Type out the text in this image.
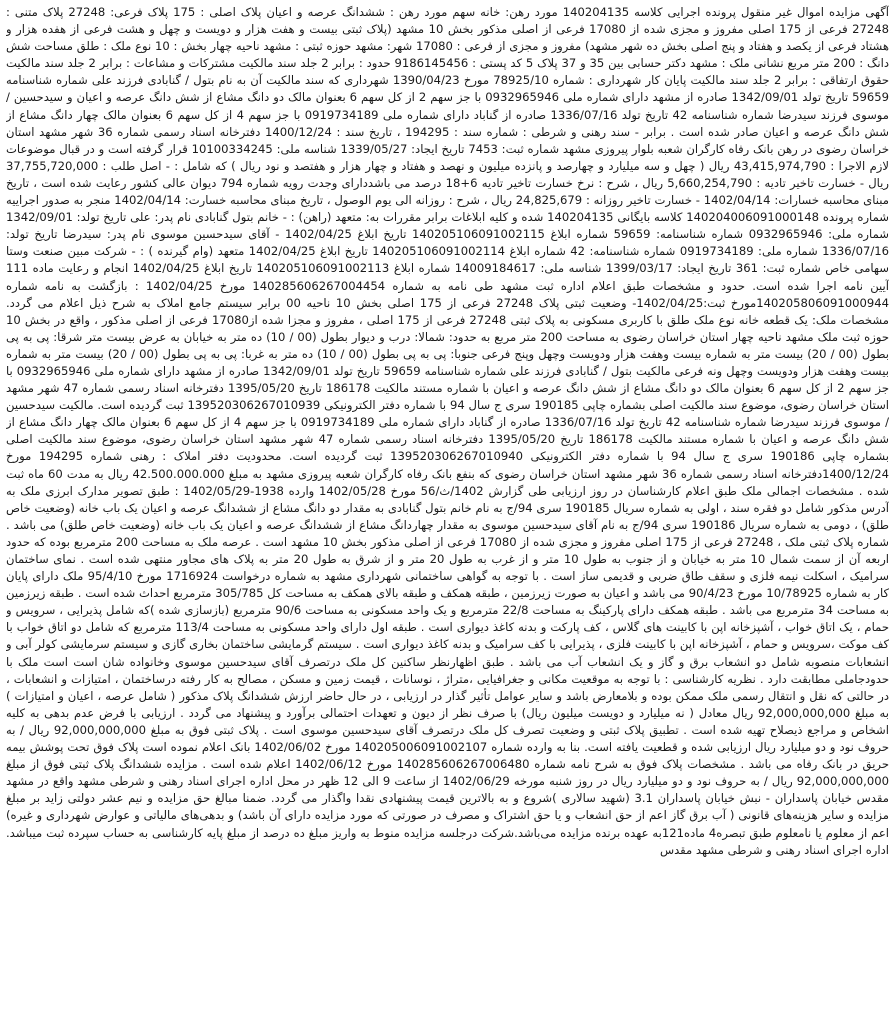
آگهی مزایده اموال غیر منقول پرونده اجرایی کلاسه 140204135 مورد رهن: خانه سهم مورد رهن : ششدانگ عرصه و اعیان پلاک اصلی : 175 پلاک فرعی: 27248 پلاک متنی : 27248 فرعی از 175 اصلی مفروز و مجزی شده از 17080 فرعی از اصلی مذکور بخش 10 مشهد (پلاک ثبتی بیست و هفت هزار و دویست و چهل و هشت فرعی از هفده هزار و هشتاد فرعی از یکصد و هفتاد و پنج اصلی بخش ده شهر مشهد) مفروز و مجزی از فرعی : 17080 شهر: مشهد حوزه ثبتی : مشهد ناحیه چهار بخش : 10 نوع ملک : طلق مساحت شش دانگ : 200 متر مربع نشانی ملک : مشهد دکتر حسابی بین 35 و 37 پلاک 5 کد پستی : 9186145456 حدود : برابر 2 جلد سند مالکیت مشترکات و مشاعات : برابر 2 جلد سند مالکیت حقوق ارتفاقی : برابر 2 جلد سند مالکیت پایان کار شهرداری : شماره 78925/10 مورخ 1390/04/23 شهرداری که سند مالکیت آن به نام بتول / گنابادی فرزند علی شماره شناسنامه 59659 تاریخ تولد 1342/09/01 صادره از مشهد دارای شماره ملی 0932965946 با جز سهم 2 از کل سهم 6 بعنوان مالک دو دانگ مشاع از شش دانگ عرصه و اعیان و سیدحسین / موسوی فرزند سیدرضا شماره شناسنامه 42 تاریخ تولد 1336/07/16 صادره از گناباد دارای شماره ملی 0919734189 با جز سهم 4 از کل سهم 6 بعنوان مالک چهار دانگ مشاع از شش دانگ عرصه و اعیان صادر شده است . برابر - سند رهنی و شرطی : شماره سند : 194295 ، تاریخ سند : 1400/12/24 دفترخانه اسناد رسمی شماره 36 شهر مشهد استان خراسان رضوی در رهن بانک رفاه کارگران شعبه بلوار پیروزی مشهد شماره ثبت: 7453 تاریخ ایجاد: 1339/05/27 شناسه ملی: 10100334245 قرار گرفته است و در قبال موضوعات لازم الاجرا : 43,415,974,790 ریال ( چهل و سه میلیارد و چهارصد و پانزده میلیون و نهصد و هفتاد و چهار هزار و هفتصد و نود ریال ) که شامل : - اصل طلب : 37,755,720,000 ریال - خسارت تاخیر تادیه : 5,660,254,790 ریال ، شرح : نرخ خسارت تاخیر تادیه 6+18 درصد می باشددارای وجدت رویه شماره 794 دیوان عالی کشور رعایت شده است ، تاریخ مبنای محاسبه خسارات: 1402/04/14 - خسارت تاخیر روزانه : 24,825,679 ریال ، شرح : روزانه الی یوم الوصول ، تاریخ مبنای محاسبه خسارت: 1402/04/14 منجر به صدور اجراییه شماره پرونده 140204006091000148 کلاسه بایگانی 140204135 شده و کلیه ابلاغات برابر مقررات به: متعهد (راهن) : - خانم بتول گنابادی نام پدر: علی تاریخ تولد: 1342/09/01 شماره ملی: 0932965946 شماره شناسنامه: 59659 شماره ابلاغ 140205106091002115 تاریخ ابلاغ 1402/04/25 - آقای سیدحسین موسوی نام پدر: سیدرضا تاریخ تولد: 1336/07/16 شماره ملی: 0919734189 شماره شناسنامه: 42 شماره ابلاغ 140205106091002114 تاریخ ابلاغ 1402/04/25 متعهد (وام گیرنده ) : - شرکت مبین صنعت وستا سهامی خاص شماره ثبت: 361 تاریخ ایجاد: 1399/03/17 شناسه ملی: 14009184617 شماره ابلاغ 140205106091002113 تاریخ ابلاغ 1402/04/25 انجام و رعایت ماده 111 آیین نامه اجرا شده است. حدود و مشخصات طبق اعلام اداره ثبت مشهد طی نامه به شماره 140285606267004454 مورخ 1402/04/25 : بازگشت به نامه شماره 140205806091000944مورخ ثبت:1402/04/25- وضعیت ثبتی پلاک 27248 فرعی از 175 اصلی بخش 10 ناحیه 00 برابر سیستم جامع املاک به شرح ذیل اعلام می گردد. مشخصات ملک: یک قطعه خانه نوع ملک طلق با کاربری مسکونی به پلاک ثبتی 27248 فرعی از 175 اصلی ، مفروز و مجزا شده از17080 فرعی از اصلی مذکور ، واقع در بخش 10 حوزه ثبت ملک مشهد ناحیه چهار استان خراسان رضوی به مساحت 200 متر مربع به حدود: شمالا: درب و دیوار بطول (00 / 10) ده متر به خیابان به عرض بیست متر شرقا: پی به پی بطول (00 / 20) بیست متر به شماره بیست وهفت هزار ودویست وچهل وپنج فرعی جنوبا: پی به پی بطول (00 / 10) ده متر به غربا: پی به پی بطول (00 / 20) بیست متر به شماره بیست وهفت هزار ودویست وچهل ونه فرعی مالکیت بتول / گنابادی فرزند علی شماره شناسنامه 59659 تاریخ تولد 1342/09/01 صادره از مشهد دارای شماره ملی 0932965946 با جز سهم 2 از کل سهم 6 بعنوان مالک دو دانگ مشاع از شش دانگ عرصه و اعیان با شماره مستند مالکیت 186178 تاریخ 1395/05/20 دفترخانه اسناد رسمی شماره 47 شهر مشهد استان خراسان رضوی، موضوع سند مالکیت اصلی بشماره چاپی 190185 سری ج سال 94 با شماره دفتر الکترونیکی 139520306267010939 ثبت گردیده است. مالکیت سیدحسین / موسوی فرزند سیدرضا شماره شناسنامه 42 تاریخ تولد 1336/07/16 صادره از گناباد دارای شماره ملی 0919734189 با جز سهم 4 از کل سهم 6 بعنوان مالک چهار دانگ مشاع از شش دانگ عرصه و اعیان با شماره مستند مالکیت 186178 تاریخ 1395/05/20 دفترخانه اسناد رسمی شماره 47 شهر مشهد استان خراسان رضوی، موضوع سند مالکیت اصلی بشماره چاپی 190186 سری ج سال 94 با شماره دفتر الکترونیکی 139520306267010940 ثبت گردیده است. محدودیت دفتر املاک : رهنی شماره 194295 مورخ 1400/12/24دفترخانه اسناد رسمی شماره 36 شهر مشهد استان خراسان رضوی که بنفع بانک رفاه کارگران شعبه پیروزی مشهد به مبلغ 42.500.000.000 ریال به مدت 60 ماه ثبت شده . مشخصات اجمالی ملک طبق اعلام کارشناسان در روز ارزیابی طی گزارش 1402/ث/56 مورخ 1402/05/28 وارده 1938-1402/05/29 : طبق تصویر مدارک ابرزی ملک به آدرس مذکور شامل دو فقره سند ، اولی به شماره سریال 190185 سری 94/ج به نام خانم بتول گنابادی به مقدار دو دانگ مشاع از ششدانگ عرصه و اعیان یک باب خانه (وضعیت خاص طلق) ، دومی به شماره سریال 190186 سری 94/ج به نام آقای سیدحسین موسوی به مقدار چهاردانگ مشاع از ششدانگ عرصه و اعیان یک باب خانه (وضعیت خاص طلق) می باشد . شماره پلاک ثبتی ملک ، 27248 فرعی از 175 اصلی مفروز و مجزی شده از 17080 فرعی از اصلی مذکور بخش 10 مشهد است . عرصه ملک به مساحت 200 مترمربع بوده که حدود اربعه آن از سمت شمال 10 متر به خیابان و از جنوب به طول 10 متر و از غرب به طول 20 متر و از شرق به طول 20 متر به پلاک های مجاور منتهی شده است . نمای ساختمان سرامیک ، اسکلت نیمه فلزی و سقف طاق ضربی و قدیمی ساز است . با توجه به گواهی ساختمانی شهرداری مشهد به شماره درخواست 1716924 مورخ 95/4/10 ملک دارای پایان کار به شماره 10/78925 مورخ 90/4/23 می باشد و اعیان به صورت زیرزمین ، طبقه همکف و طبقه بالای همکف به مساحت کل 305/785 مترمربع احداث شده است . طبقه زیرزمین به مساحت 34 مترمربع می باشد . طبقه همکف دارای پارکینگ به مساحت 22/8 مترمربع و یک واحد مسکونی به مساحت 90/6 مترمربع (بازسازی شده )که شامل پذیرایی ، سرویس و حمام ، یک اتاق خواب ، آشپزخانه اپن با کابینت های گلاس ، کف پارکت و بدنه کاغذ دیواری است . طبقه اول دارای واحد مسکونی به مساحت 113/4 مترمربع که شامل دو اتاق خواب با کف موکت ،سرویس و حمام ، آشپزخانه اپن با کابینت فلزی ، پذیرایی با کف سرامیک و بدنه کاغذ دیواری است . سیستم گرمایشی ساختمان بخاری گازی و سیستم سرمایشی کولر آبی و انشعابات منصوبه شامل دو انشعاب برق و گاز و یک انشعاب آب می باشد . طبق اظهارنظر ساکنین کل ملک درتصرف آقای سیدحسین موسوی وخانواده شان است است ملک با حدودجاملی مطابقت دارد . نظریه کارشناسی : با توجه به موقعیت مکانی و جغرافیایی ،متراژ ، نوسانات ، قیمت زمین و مسکن ، مصالح به کار رفته درساختمان ، امتیازات و انشعابات ، در حالتی که نقل و انتقال رسمی ملک ممکن بوده و بلامعارض باشد و سایر عوامل تأثیر گذار در ارزیابی ، در حال حاضر ارزش ششدانگ پلاک مذکور ( شامل عرصه ، اعیان و امتیازات ) به مبلغ 92,000,000,000 ریال معادل ( نه میلیارد و دویست میلیون ریال) با صرف نظر از دیون و تعهدات احتمالی برآورد و پیشنهاد می گردد . ارزیابی با فرض عدم بدهی به کلیه اشخاص و مراجع ذیصلاح تهیه شده است . تطبیق پلاک ثبتی و وضعیت تصرف کل ملک درتصرف آقای سیدحسین موسوی است . پلاک ثبتی فوق به مبلغ 92,000,000,000 ریال / به حروف نود و دو میلیارد ریال ارزیابی شده و قطعیت یافته است. بنا به وارده شماره 140205006091002107 مورخ 1402/06/02 بانک اعلام نموده است پلاک فوق تحت پوشش بیمه حریق در بانک رفاه می باشد . مشخصات پلاک فوق به شرح نامه شماره 140285606267006480 مورخ 1402/06/12 اعلام شده است . مزایده ششدانگ پلاک ثبتی فوق از مبلغ 92,000,000,000 ریال / به حروف نود و دو میلیارد ریال در روز شنبه مورخه 1402/06/29 از ساعت 9 الی 12 ظهر در محل اداره اجرای اسناد رهنی و شرطی مشهد واقع در مشهد مقدس خیابان پاسداران - نبش خیابان پاسداران 3.1 (شهید سالاری )شروع و به بالاترین قیمت پیشنهادی نقدا واگذار می گردد. ضمنا مبالغ حق مزایده و نیم عشر دولتی زاید بر مبلغ مزایده و سایر هزینه‌های قانونی ( آب برق گاز اعم از حق انشعاب و یا حق اشتراک و مصرف در صورتی که مورد مزایده دارای آن باشد) و بدهی‌های مالیاتی و عوارض شهرداری و غیره) اعم از معلوم یا نامعلوم طبق تبصره4 ماده121به عهده برنده مزایده می‌باشد.شرکت درجلسه مزایده منوط به واریز مبلغ ده درصد از مبلغ پایه کارشناسی به حساب سپرده ثبت میباشد. اداره اجرای اسناد رهنی و شرطی مشهد مقدس
